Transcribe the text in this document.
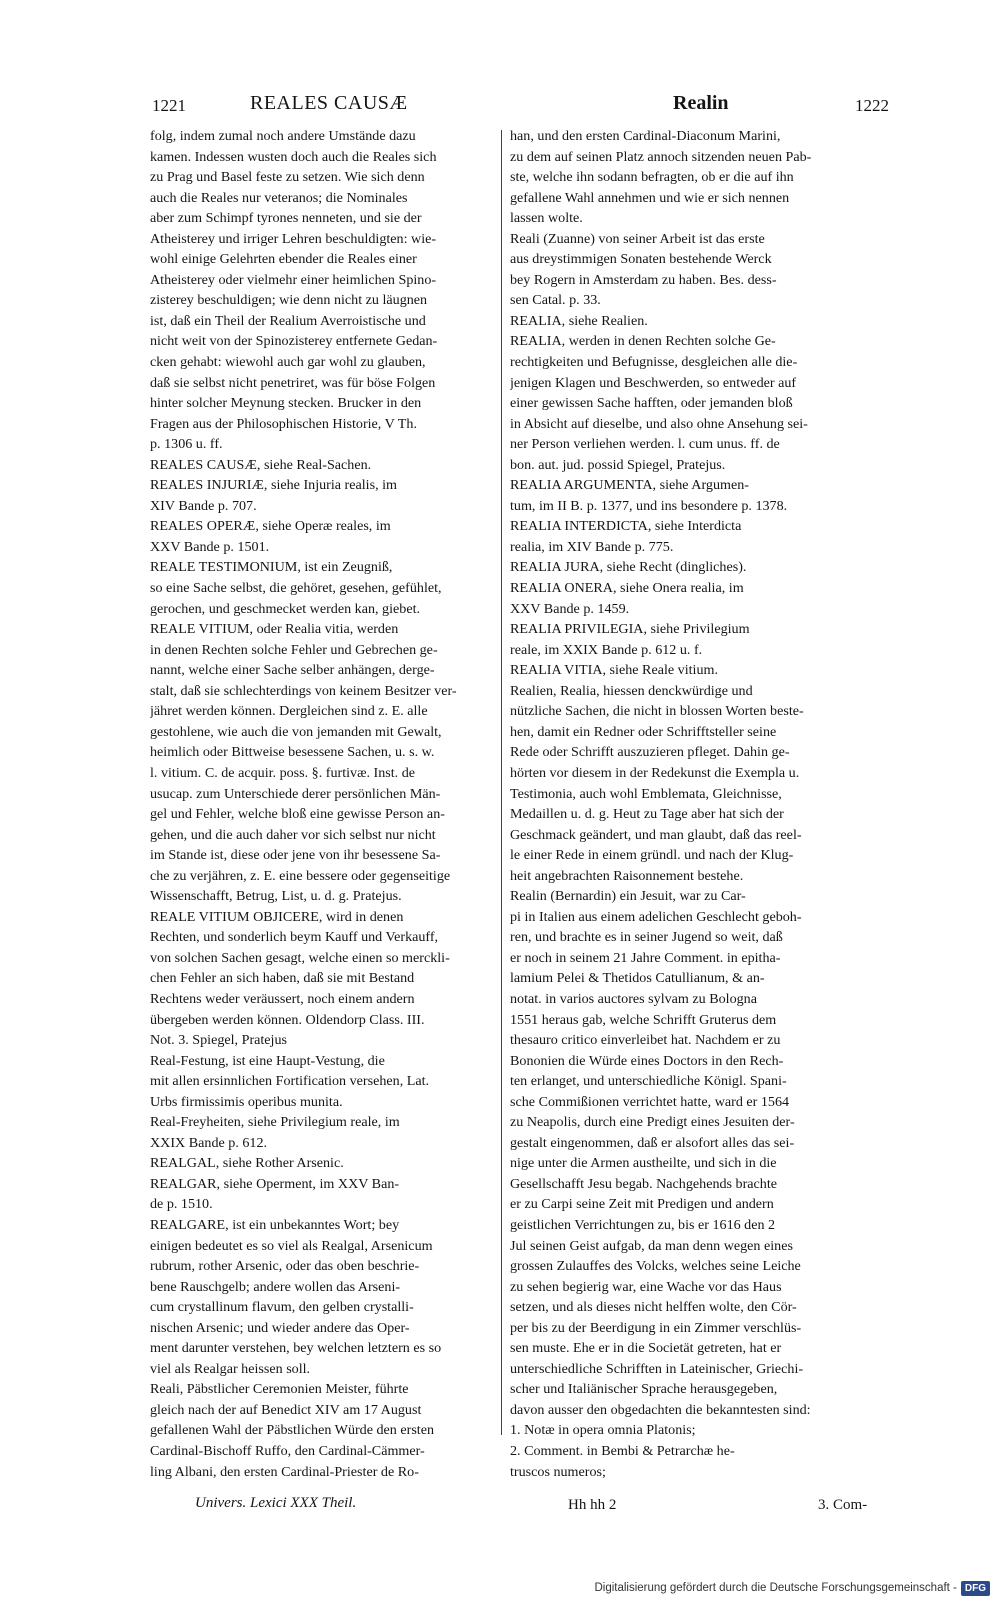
1221	REALES CAUSÆ	Realin	1222
folg, indem zumal noch andere Umstände dazu
kamen. Indessen wusten doch auch die Reales sich
zu Prag und Basel feste zu setzen. Wie sich denn
auch die Reales nur veteranos; die Nominales
aber zum Schimpf tyrones nenneten, und sie der
Atheisterey und irriger Lehren beschuldigten: wie-
wohl einige Gelehrten ebender die Reales einer
Atheisterey oder vielmehr einer heimlichen Spino-
zisterey beschuldigen; wie denn nicht zu läugnen
ist, daß ein Theil der Realium Averroistische und
nicht weit von der Spinozisterey entfernete Gedan-
cken gehabt: wiewohl auch gar wohl zu glauben,
daß sie selbst nicht penetriret, was für böse Folgen
hinter solcher Meynung stecken. Brucker in den
Fragen aus der Philosophischen Historie, V Th.
p. 1306 u. ff.
REALES CAUSÆ, siehe Real-Sachen.
REALES INJURIÆ, siehe Injuria realis, im
XIV Bande p. 707.
REALES OPERÆ, siehe Operæ reales, im
XXV Bande p. 1501.
REALE TESTIMONIUM, ist ein Zeugniß,
so eine Sache selbst, die gehöret, gesehen, gefühlet,
gerochen, und geschmecket werden kan, giebet.
REALE VITIUM, oder Realia vitia, werden
in denen Rechten solche Fehler und Gebrechen ge-
nannt, welche einer Sache selber anhängen, derge-
stalt, daß sie schlechterdings von keinem Besitzer ver-
jähret werden können. Dergleichen sind z. E. alle
gestohlene, wie auch die von jemanden mit Gewalt,
heimlich oder Bittweise besessene Sachen, u. s. w.
l. vitium. C. de acquir. poss. §. furtivæ. Inst. de
usucap. zum Unterschiede derer persönlichen Män-
gel und Fehler, welche bloß eine gewisse Person an-
gehen, und die auch daher vor sich selbst nur nicht
im Stande ist, diese oder jene von ihr besessene Sa-
che zu verjähren, z. E. eine bessere oder gegenseitige
Wissenschafft, Betrug, List, u. d. g. Pratejus.
REALE VITIUM OBJICERE, wird in denen
Rechten, und sonderlich beym Kauff und Verkauff,
von solchen Sachen gesagt, welche einen so merckli-
chen Fehler an sich haben, daß sie mit Bestand
Rechtens weder veräussert, noch einem andern
übergeben werden können. Oldendorp Class. III.
Not. 3. Spiegel, Pratejus
Real-Festung, ist eine Haupt-Vestung, die
mit allen ersinnlichen Fortification versehen, Lat.
Urbs firmissimis operibus munita.
Real-Freyheiten, siehe Privilegium reale, im
XXIX Bande p. 612.
REALGAL, siehe Rother Arsenic.
REALGAR, siehe Operment, im XXV Ban-
de p. 1510.
REALGARE, ist ein unbekanntes Wort; bey
einigen bedeutet es so viel als Realgal, Arsenicum
rubrum, rother Arsenic, oder das oben beschrie-
bene Rauschgelb; andere wollen das Arseni-
cum crystallinum flavum, den gelben crystalli-
nischen Arsenic; und wieder andere das Oper-
ment darunter verstehen, bey welchen letztern es so
viel als Realgar heissen soll.
Reali, Päbstlicher Ceremonien Meister, führte
gleich nach der auf Benedict XIV am 17 August
gefallenen Wahl der Päbstlichen Würde den ersten
Cardinal-Bischoff Ruffo, den Cardinal-Cämmer-
ling Albani, den ersten Cardinal-Priester de Ro-
han, und den ersten Cardinal-Diaconum Marini,
zu dem auf seinen Platz annoch sitzenden neuen Pab-
ste, welche ihn sodann befragten, ob er die auf ihn
gefallene Wahl annehmen und wie er sich nennen
lassen wolte.
Reali (Zuanne) von seiner Arbeit ist das erste
aus dreystimmigen Sonaten bestehende Werck
bey Rogern in Amsterdam zu haben. Bes. dess-
sen Catal. p. 33.
REALIA, siehe Realien.
REALIA, werden in denen Rechten solche Ge-
rechtigkeiten und Befugnisse, desgleichen alle die-
jenigen Klagen und Beschwerden, so entweder auf
einer gewissen Sache hafften, oder jemanden bloß
in Absicht auf dieselbe, und also ohne Ansehung sei-
ner Person verliehen werden. l. cum unus. ff. de
bon. aut. jud. possid Spiegel, Pratejus.
REALIA ARGUMENTA, siehe Argumen-
tum, im II B. p. 1377, und ins besondere p. 1378.
REALIA INTERDICTA, siehe Interdicta
realia, im XIV Bande p. 775.
REALIA JURA, siehe Recht (dingliches).
REALIA ONERA, siehe Onera realia, im
XXV Bande p. 1459.
REALIA PRIVILEGIA, siehe Privilegium
reale, im XXIX Bande p. 612 u. f.
REALIA VITIA, siehe Reale vitium.
Realien, Realia, hiessen denckwürdige und
nützliche Sachen, die nicht in blossen Worten beste-
hen, damit ein Redner oder Schrifftsteller seine
Rede oder Schrifft auszuzieren pfleget. Dahin ge-
hörten vor diesem in der Redekunst die Exempla u.
Testimonia, auch wohl Emblemata, Gleichnisse,
Medaillen u. d. g. Heut zu Tage aber hat sich der
Geschmack geändert, und man glaubt, daß das reel-
le einer Rede in einem gründl. und nach der Klug-
heit angebrachten Raisonnement bestehe.
Realin (Bernardin) ein Jesuit, war zu Car-
pi in Italien aus einem adelichen Geschlecht geboh-
ren, und brachte es in seiner Jugend so weit, daß
er noch in seinem 21 Jahre Comment. in epitha-
lamium Pelei & Thetidos Catullianum, & an-
notat. in varios auctores sylvam zu Bologna
1551 heraus gab, welche Schrifft Gruterus dem
thesauro critico einverleibet hat. Nachdem er zu
Bononien die Würde eines Doctors in den Rech-
ten erlanget, und unterschiedliche Königl. Spani-
sche Commißionen verrichtet hatte, ward er 1564
zu Neapolis, durch eine Predigt eines Jesuiten der-
gestalt eingenommen, daß er alsofort alles das sei-
nige unter die Armen austheilte, und sich in die
Gesellschafft Jesu begab. Nachgehends brachte
er zu Carpi seine Zeit mit Predigen und andern
geistlichen Verrichtungen zu, bis er 1616 den 2
Jul seinen Geist aufgab, da man denn wegen eines
grossen Zulauffes des Volcks, welches seine Leiche
zu sehen begierig war, eine Wache vor das Haus
setzen, und als dieses nicht helffen wolte, den Cör-
per bis zu der Beerdigung in ein Zimmer verschlüs-
sen muste. Ehe er in die Societät getreten, hat er
unterschiedliche Schrifften in Lateinischer, Griechi-
scher und Italiänischer Sprache herausgegeben,
davon ausser den obgedachten die bekanntesten sind:
1. Notæ in opera omnia Platonis;
2. Comment. in Bembi & Petrarchæ he-
truscos numeros;
Univers. Lexici XXX Theil.	Hh hh 2	3. Com-
Digitalisierung gefördert durch die Deutsche Forschungsgemeinschaft - DFG
